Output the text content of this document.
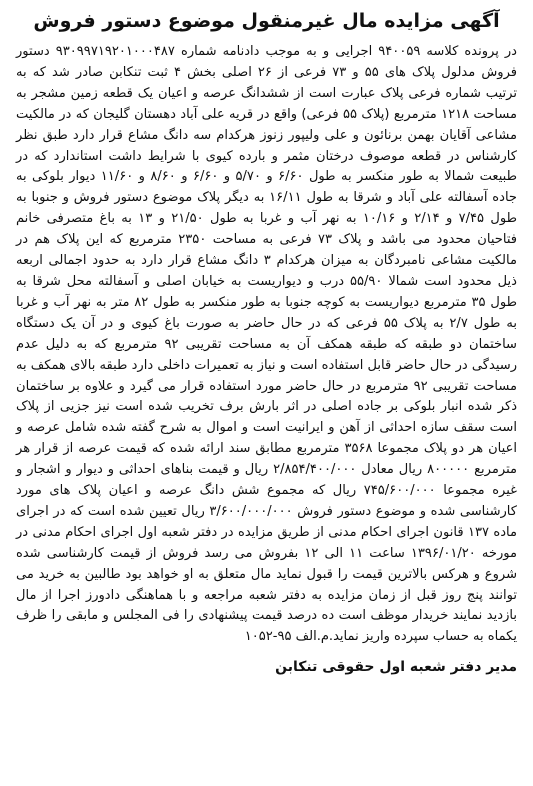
آگهی مزایده مال غیرمنقول موضوع دستور فروش

در پرونده کلاسه ۹۴۰۰۵۹ اجرایی و به موجب دادنامه شماره ۹۳۰۹۹۷۱۹۲۰۱۰۰۰۴۸۷ دستور فروش مدلول پلاک های ۵۵ و ۷۳ فرعی از ۲۶ اصلی بخش ۴ ثبت تنکابن صادر شد که به ترتیب شماره فرعی پلاک عبارت است از ششدانگ عرصه و اعیان یک قطعه زمین مشجر به مساحت ۱۲۱۸ مترمربع (پلاک ۵۵ فرعی) واقع در قریه علی آباد دهستان گلیجان که در مالکیت مشاعی آقایان بهمن برنائون و علی ولیپور زنوز هرکدام سه دانگ مشاع قرار دارد طبق نظر کارشناس در قطعه موصوف درختان مثمر و بارده کیوی با شرایط داشت استاندارد که در طبیعت شمالا به طور منکسر به طول ۶/۶۰ و ۵/۷۰ و ۶/۶۰ و ۸/۶۰ و ۱۱/۶۰ دیوار بلوکی به جاده آسفالته علی آباد و شرقا به طول ۱۶/۱۱ به دیگر پلاک موضوع دستور فروش و جنوبا به طول ۷/۴۵ و ۲/۱۴ و ۱۰/۱۶ به نهر آب و غربا به طول ۲۱/۵۰ و ۱۳ به باغ متصرفی خانم فتاحیان محدود می باشد و پلاک ۷۳ فرعی به مساحت ۲۳۵۰ مترمربع که این پلاک هم در مالکیت مشاعی نامبردگان به میزان هرکدام ۳ دانگ مشاع قرار دارد به حدود اجمالی اربعه ذیل محدود است شمالا ۵۵/۹۰ درب و دیواریست به خیابان اصلی و آسفالته محل شرقا به طول ۳۵ مترمربع دیواریست به کوچه جنوبا به طور منکسر به طول ۸۲ متر به نهر آب و غربا به طول ۲/۷ به پلاک ۵۵ فرعی که در حال حاضر به صورت باغ کیوی و در آن یک دستگاه ساختمان دو طبقه که طبقه همکف آن به مساحت تقریبی ۹۲ مترمربع که به دلیل عدم رسیدگی در حال حاضر قابل استفاده است و نیاز به تعمیرات داخلی دارد طبقه بالای همکف به مساحت تقریبی ۹۲ مترمربع در حال حاضر مورد استفاده قرار می گیرد و علاوه بر ساختمان ذکر شده انبار بلوکی بر جاده اصلی در اثر بارش برف تخریب شده است نیز جزیی از پلاک است سقف سازه احداثی از آهن و ایرانیت است و اموال به شرح گفته شده شامل عرصه و اعیان هر دو پلاک مجموعا ۳۵۶۸ مترمربع مطابق سند ارائه شده که قیمت عرصه از قرار هر مترمربع ۸۰۰۰۰۰ ریال معادل ۲/۸۵۴/۴۰۰/۰۰۰ ریال و قیمت بناهای احداثی و دیوار و اشجار و غیره مجموعا ۷۴۵/۶۰۰/۰۰۰ ریال که مجموع شش دانگ عرصه و اعیان پلاک های مورد کارشناسی شده و موضوع دستور فروش ۳/۶۰۰/۰۰۰/۰۰۰ ریال تعیین شده است که در اجرای ماده ۱۳۷ قانون اجرای احکام مدنی از طریق مزایده در دفتر شعبه اول اجرای احکام مدنی در مورخه ۱۳۹۶/۰۱/۲۰ ساعت ۱۱ الی ۱۲ بفروش می رسد فروش از قیمت کارشناسی شده شروع و هرکس بالاترین قیمت را قبول نماید مال متعلق به او خواهد بود طالبین به خرید می توانند پنج روز قبل از زمان مزایده به دفتر شعبه مراجعه و با هماهنگی دادورز اجرا از مال بازدید نمایند خریدار موظف است ده درصد قیمت پیشنهادی را فی المجلس و مابقی را ظرف یکماه به حساب سپرده واریز نماید.م.الف ۹۵-۱۰۵۲

مدیر دفتر شعبه اول حقوقی تنکابن
